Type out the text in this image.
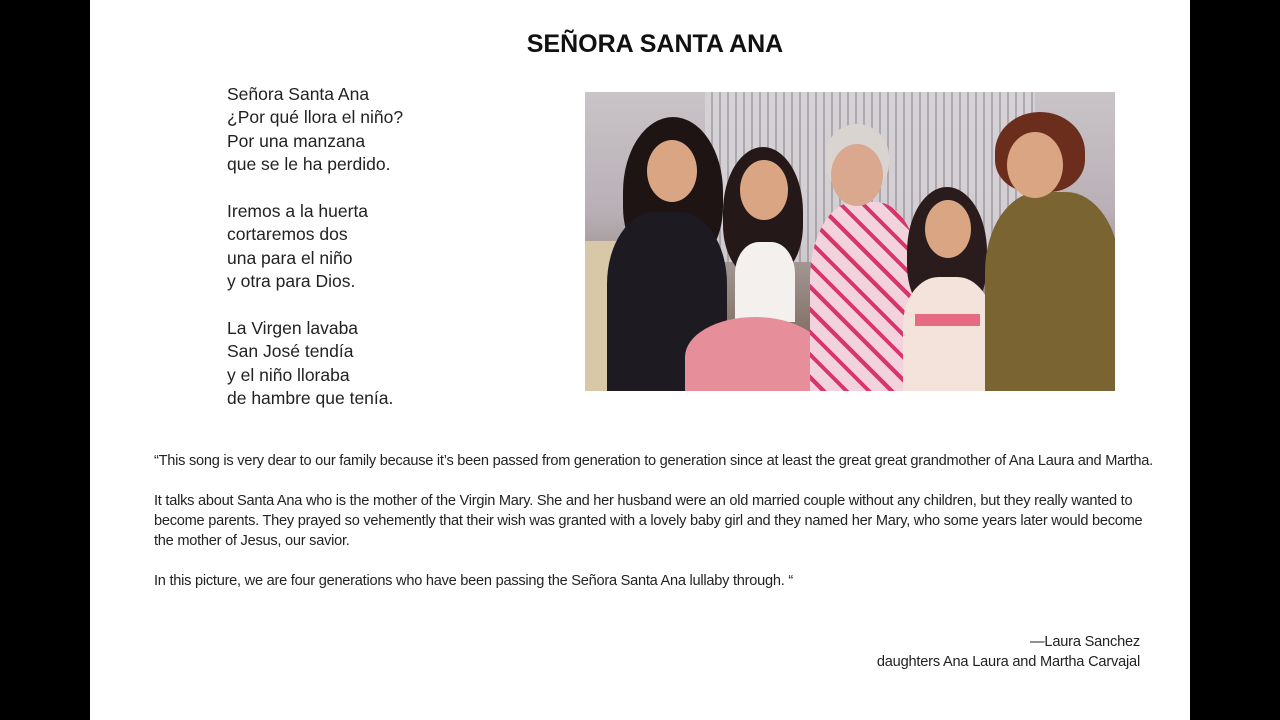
SEÑORA SANTA ANA
Señora Santa Ana
¿Por qué llora el niño?
Por una manzana
que se le ha perdido.
Iremos a la huerta
cortaremos dos
una para el niño
y otra para Dios.
La Virgen lavaba
San José tendía
y el niño lloraba
de hambre que tenía.

“This song is very dear to our family because it’s been passed from generation to generation since at least the great great grandmother of Ana Laura and Martha.

It talks about Santa Ana who is the mother of the Virgin Mary. She and her husband were an old married couple without any children, but they really wanted to become parents. They prayed so vehemently that their wish was granted with a lovely baby girl and they named her Mary, who some years later would become the mother of Jesus, our savior.

In this picture, we are four generations who have been passing the Señora Santa Ana lullaby through. “

—Laura Sanchez
daughters Ana Laura and Martha Carvajal
